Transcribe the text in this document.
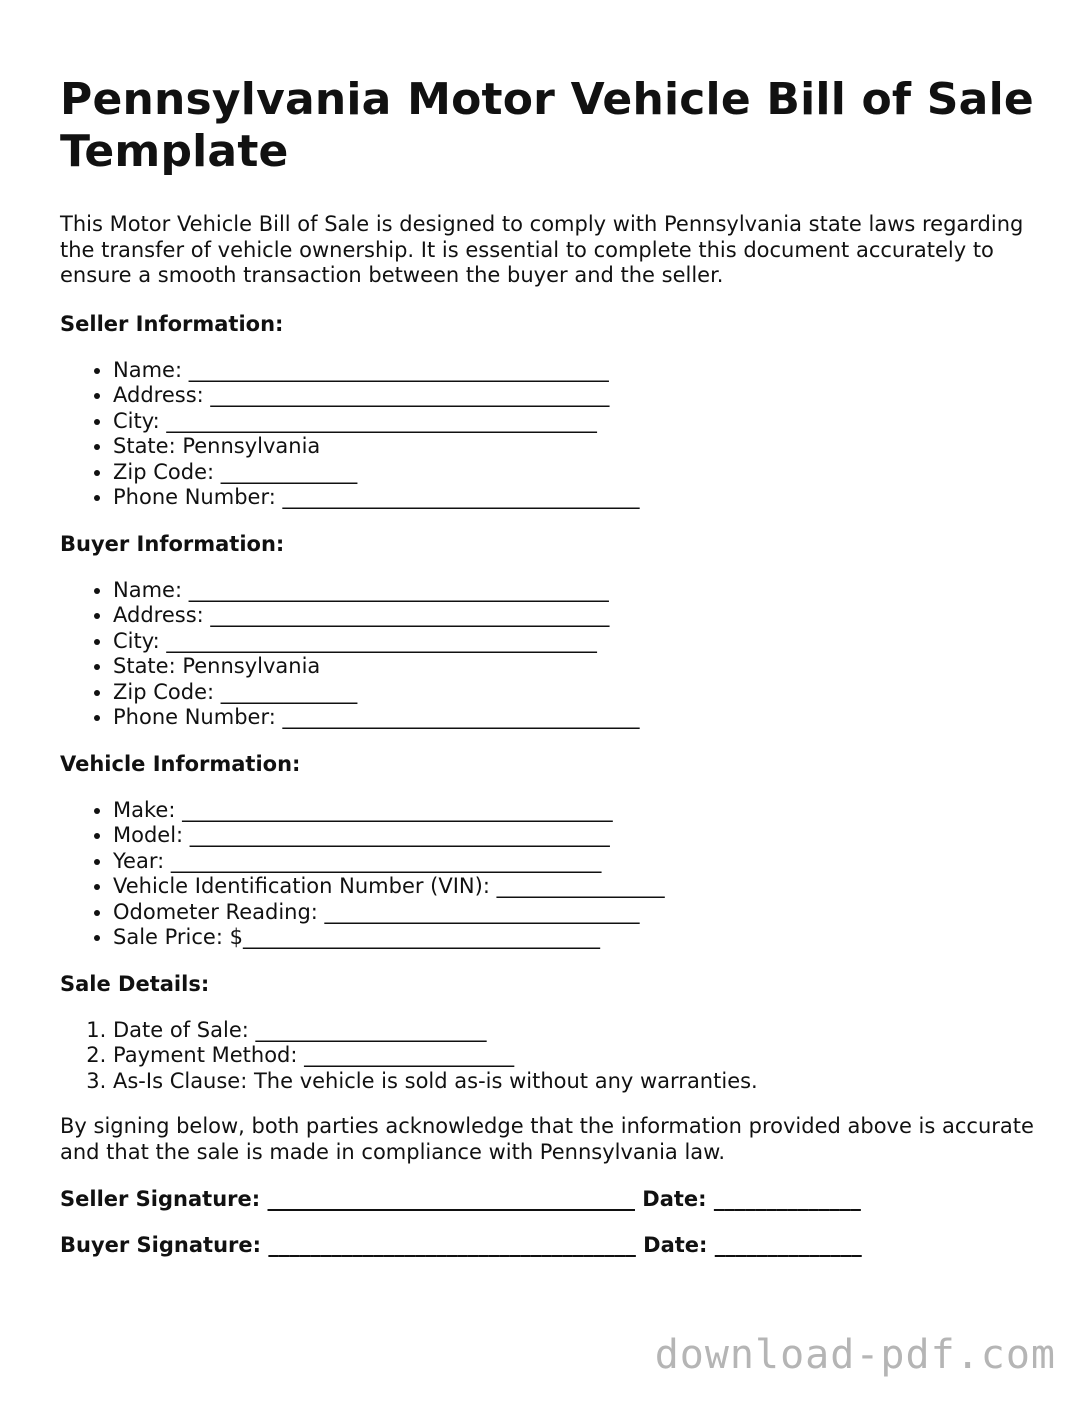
Pennsylvania Motor Vehicle Bill of Sale Template

This Motor Vehicle Bill of Sale is designed to comply with Pennsylvania state laws regarding the transfer of vehicle ownership. It is essential to complete this document accurately to ensure a smooth transaction between the buyer and the seller.

Seller Information:
• Name: ________________________________________
• Address: ______________________________________
• City: _________________________________________
• State: Pennsylvania
• Zip Code: _____________
• Phone Number: __________________________________
Buyer Information:
• Name: ________________________________________
• Address: ______________________________________
• City: _________________________________________
• State: Pennsylvania
• Zip Code: _____________
• Phone Number: __________________________________
Vehicle Information:
• Make: _________________________________________
• Model: ________________________________________
• Year: _________________________________________
• Vehicle Identification Number (VIN): ________________
• Odometer Reading: ______________________________
• Sale Price: $__________________________________
Sale Details:
1. Date of Sale: ______________________
2. Payment Method: ____________________
3. As-Is Clause: The vehicle is sold as-is without any warranties.

By signing below, both parties acknowledge that the information provided above is accurate and that the sale is made in compliance with Pennsylvania law.

Seller Signature: ___________________________________ Date: ______________
Buyer Signature: ___________________________________ Date: ______________
download-pdf.com
